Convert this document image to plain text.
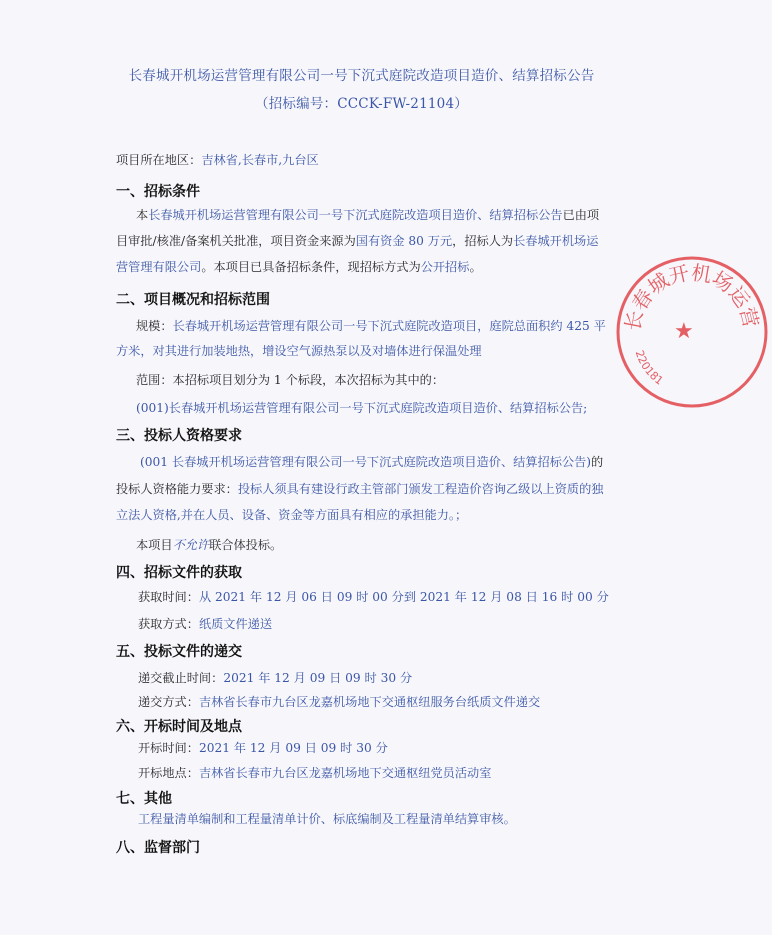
长春城开机场运营管理有限公司一号下沉式庭院改造项目造价、结算招标公告
（招标编号：CCCK-FW-21104）
项目所在地区：吉林省,长春市,九台区
一、招标条件
本长春城开机场运营管理有限公司一号下沉式庭院改造项目造价、结算招标公告已由项
目审批/核准/备案机关批准，项目资金来源为国有资金 80 万元，招标人为长春城开机场运
营管理有限公司。本项目已具备招标条件，现招标方式为公开招标。
二、项目概况和招标范围
规模：长春城开机场运营管理有限公司一号下沉式庭院改造项目，庭院总面积约 425 平
方米，对其进行加装地热，增设空气源热泵以及对墙体进行保温处理
范围：本招标项目划分为 1 个标段，本次招标为其中的：
(001)长春城开机场运营管理有限公司一号下沉式庭院改造项目造价、结算招标公告;
三、投标人资格要求
(001 长春城开机场运营管理有限公司一号下沉式庭院改造项目造价、结算招标公告)的
投标人资格能力要求：投标人须具有建设行政主管部门颁发工程造价咨询乙级以上资质的独
立法人资格,并在人员、设备、资金等方面具有相应的承担能力。；
本项目不允许联合体投标。
四、招标文件的获取
获取时间：从 2021 年 12 月 06 日 09 时 00 分到 2021 年 12 月 08 日 16 时 00 分
获取方式：纸质文件递送
五、投标文件的递交
递交截止时间：2021 年 12 月 09 日 09 时 30 分
递交方式：吉林省长春市九台区龙嘉机场地下交通枢纽服务台纸质文件递交
六、开标时间及地点
开标时间：2021 年 12 月 09 日 09 时 30 分
开标地点：吉林省长春市九台区龙嘉机场地下交通枢纽党员活动室
七、其他
工程量清单编制和工程量清单计价、标底编制及工程量清单结算审核。
八、监督部门
长春城开机场运营
220181
★
